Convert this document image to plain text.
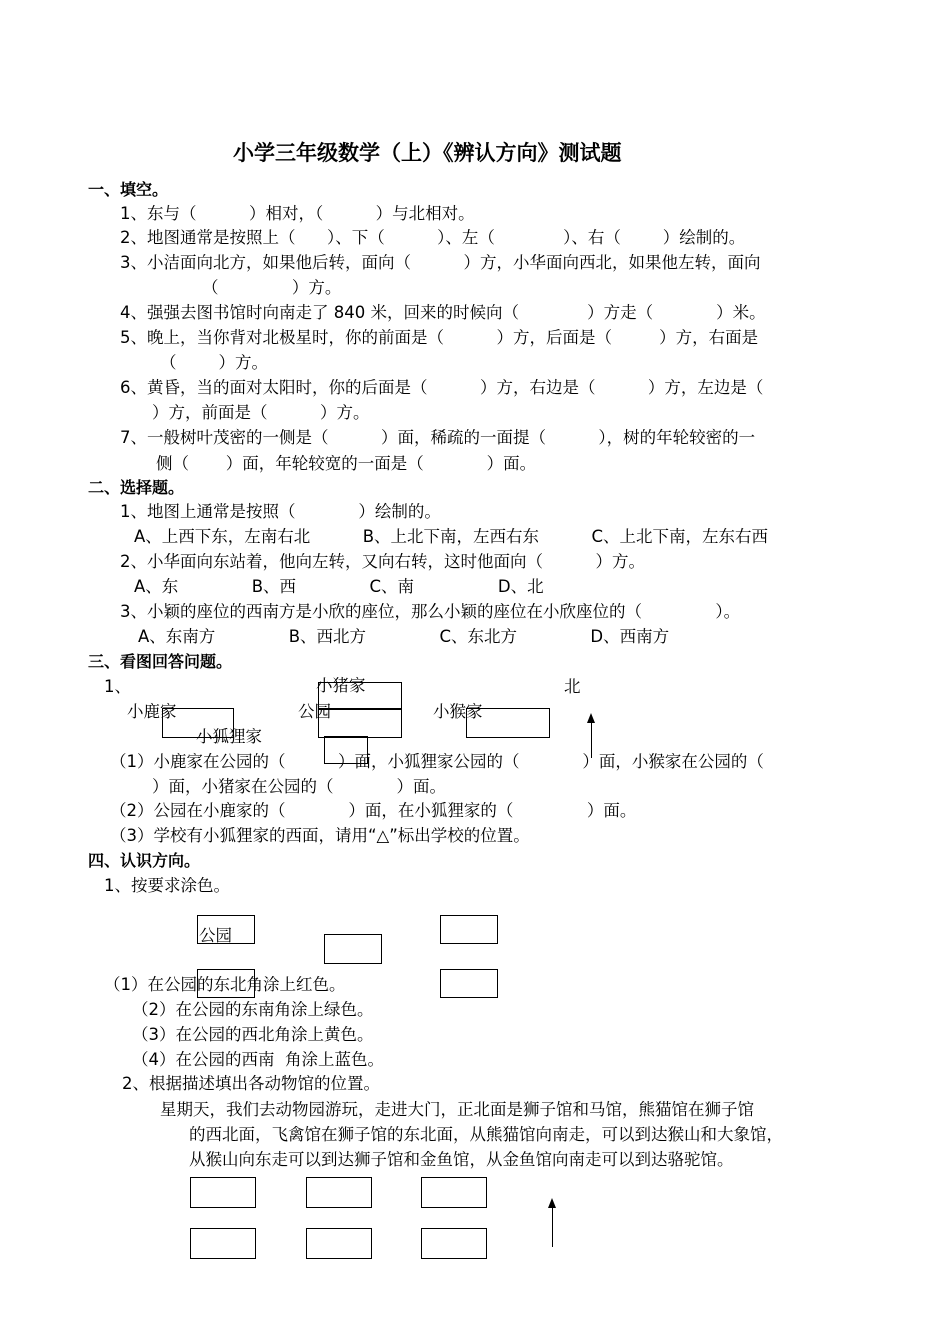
小学三年级数学（上）《辨认方向》测试题
一、填空。
1、东与（          ）相对，（          ）与北相对。
2、地图通常是按照上（      ）、下（          ）、左（             ）、右（        ）绘制的。
3、小洁面向北方，如果他后转，面向（          ）方，小华面向西北，如果他左转，面向
（              ）方。
4、强强去图书馆时向南走了 840 米，回来的时候向（             ）方走（            ）米。
5、晚上，当你背对北极星时，你的前面是（          ）方，后面是（         ）方，右面是
（        ）方。
6、黄昏，当的面对太阳时，你的后面是（          ）方，右边是（          ）方，左边是（
）方，前面是（          ）方。
7、一般树叶茂密的一侧是（          ）面，稀疏的一面提（          ），树的年轮较密的一
侧（       ）面，年轮较宽的一面是（            ）面。
二、选择题。
1、地图上通常是按照（            ）绘制的。
A、上西下东，左南右北          B、上北下南，左西右东          C、上北下南，左东右西
2、小华面向东站着，他向左转，又向右转，这时他面向（          ）方。
A、东              B、西              C、南                D、北
3、小颖的座位的西南方是小欣的座位，那么小颖的座位在小欣座位的（              ）。
A、东南方              B、西北方              C、东北方              D、西南方
三、看图回答问题。
1、	小猪家	北
小鹿家	公园	小猴家
小狐狸家
（1）小鹿家在公园的（          ）面，小狐狸家公园的（            ）面，小猴家在公园的（
）面，小猪家在公园的（            ）面。
（2）公园在小鹿家的（            ）面，在小狐狸家的（              ）面。
（3）学校有小狐狸家的西面，请用“△”标出学校的位置。
四、认识方向。
1、按要求涂色。
公园
（1）在公园的东北角涂上红色。
（2）在公园的东南角涂上绿色。
（3）在公园的西北角涂上黄色。
（4）在公园的西南  角涂上蓝色。
2、根据描述填出各动物馆的位置。
星期天，我们去动物园游玩，走进大门，正北面是狮子馆和马馆，熊猫馆在狮子馆
的西北面，飞禽馆在狮子馆的东北面，从熊猫馆向南走，可以到达猴山和大象馆，
从猴山向东走可以到达狮子馆和金鱼馆，从金鱼馆向南走可以到达骆驼馆。
